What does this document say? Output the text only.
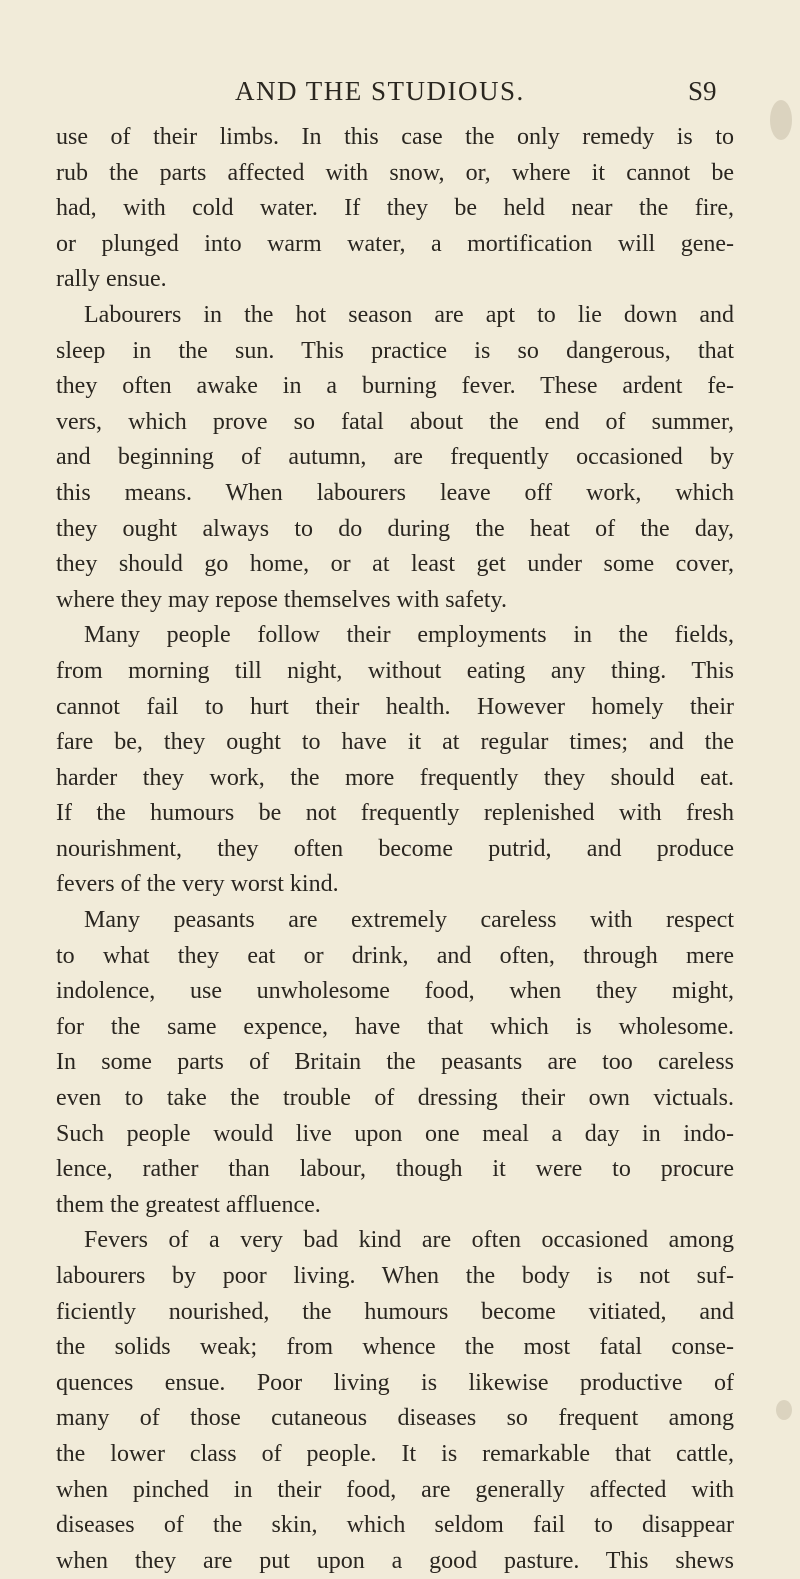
AND THE STUDIOUS.	S9
use of their limbs. In this case the only remedy is to
rub the parts affected with snow, or, where it cannot be
had, with cold water. If they be held near the fire,
or plunged into warm water, a mortification will gene-
rally ensue.
Labourers in the hot season are apt to lie down and
sleep in the sun. This practice is so dangerous, that
they often awake in a burning fever. These ardent fe-
vers, which prove so fatal about the end of summer,
and beginning of autumn, are frequently occasioned by
this means. When labourers leave off work, which
they ought always to do during the heat of the day,
they should go home, or at least get under some cover,
where they may repose themselves with safety.
Many people follow their employments in the fields,
from morning till night, without eating any thing. This
cannot fail to hurt their health. However homely their
fare be, they ought to have it at regular times; and the
harder they work, the more frequently they should eat.
If the humours be not frequently replenished with fresh
nourishment, they often become putrid, and produce
fevers of the very worst kind.
Many peasants are extremely careless with respect
to what they eat or drink, and often, through mere
indolence, use unwholesome food, when they might,
for the same expence, have that which is wholesome.
In some parts of Britain the peasants are too careless
even to take the trouble of dressing their own victuals.
Such people would live upon one meal a day in indo-
lence, rather than labour, though it were to procure
them the greatest affluence.
Fevers of a very bad kind are often occasioned among
labourers by poor living. When the body is not suf-
ficiently nourished, the humours become vitiated, and
the solids weak; from whence the most fatal conse-
quences ensue. Poor living is likewise productive of
many of those cutaneous diseases so frequent among
the lower class of people. It is remarkable that cattle,
when pinched in their food, are generally affected with
diseases of the skin, which seldom fail to disappear
when they are put upon a good pasture. This shews
